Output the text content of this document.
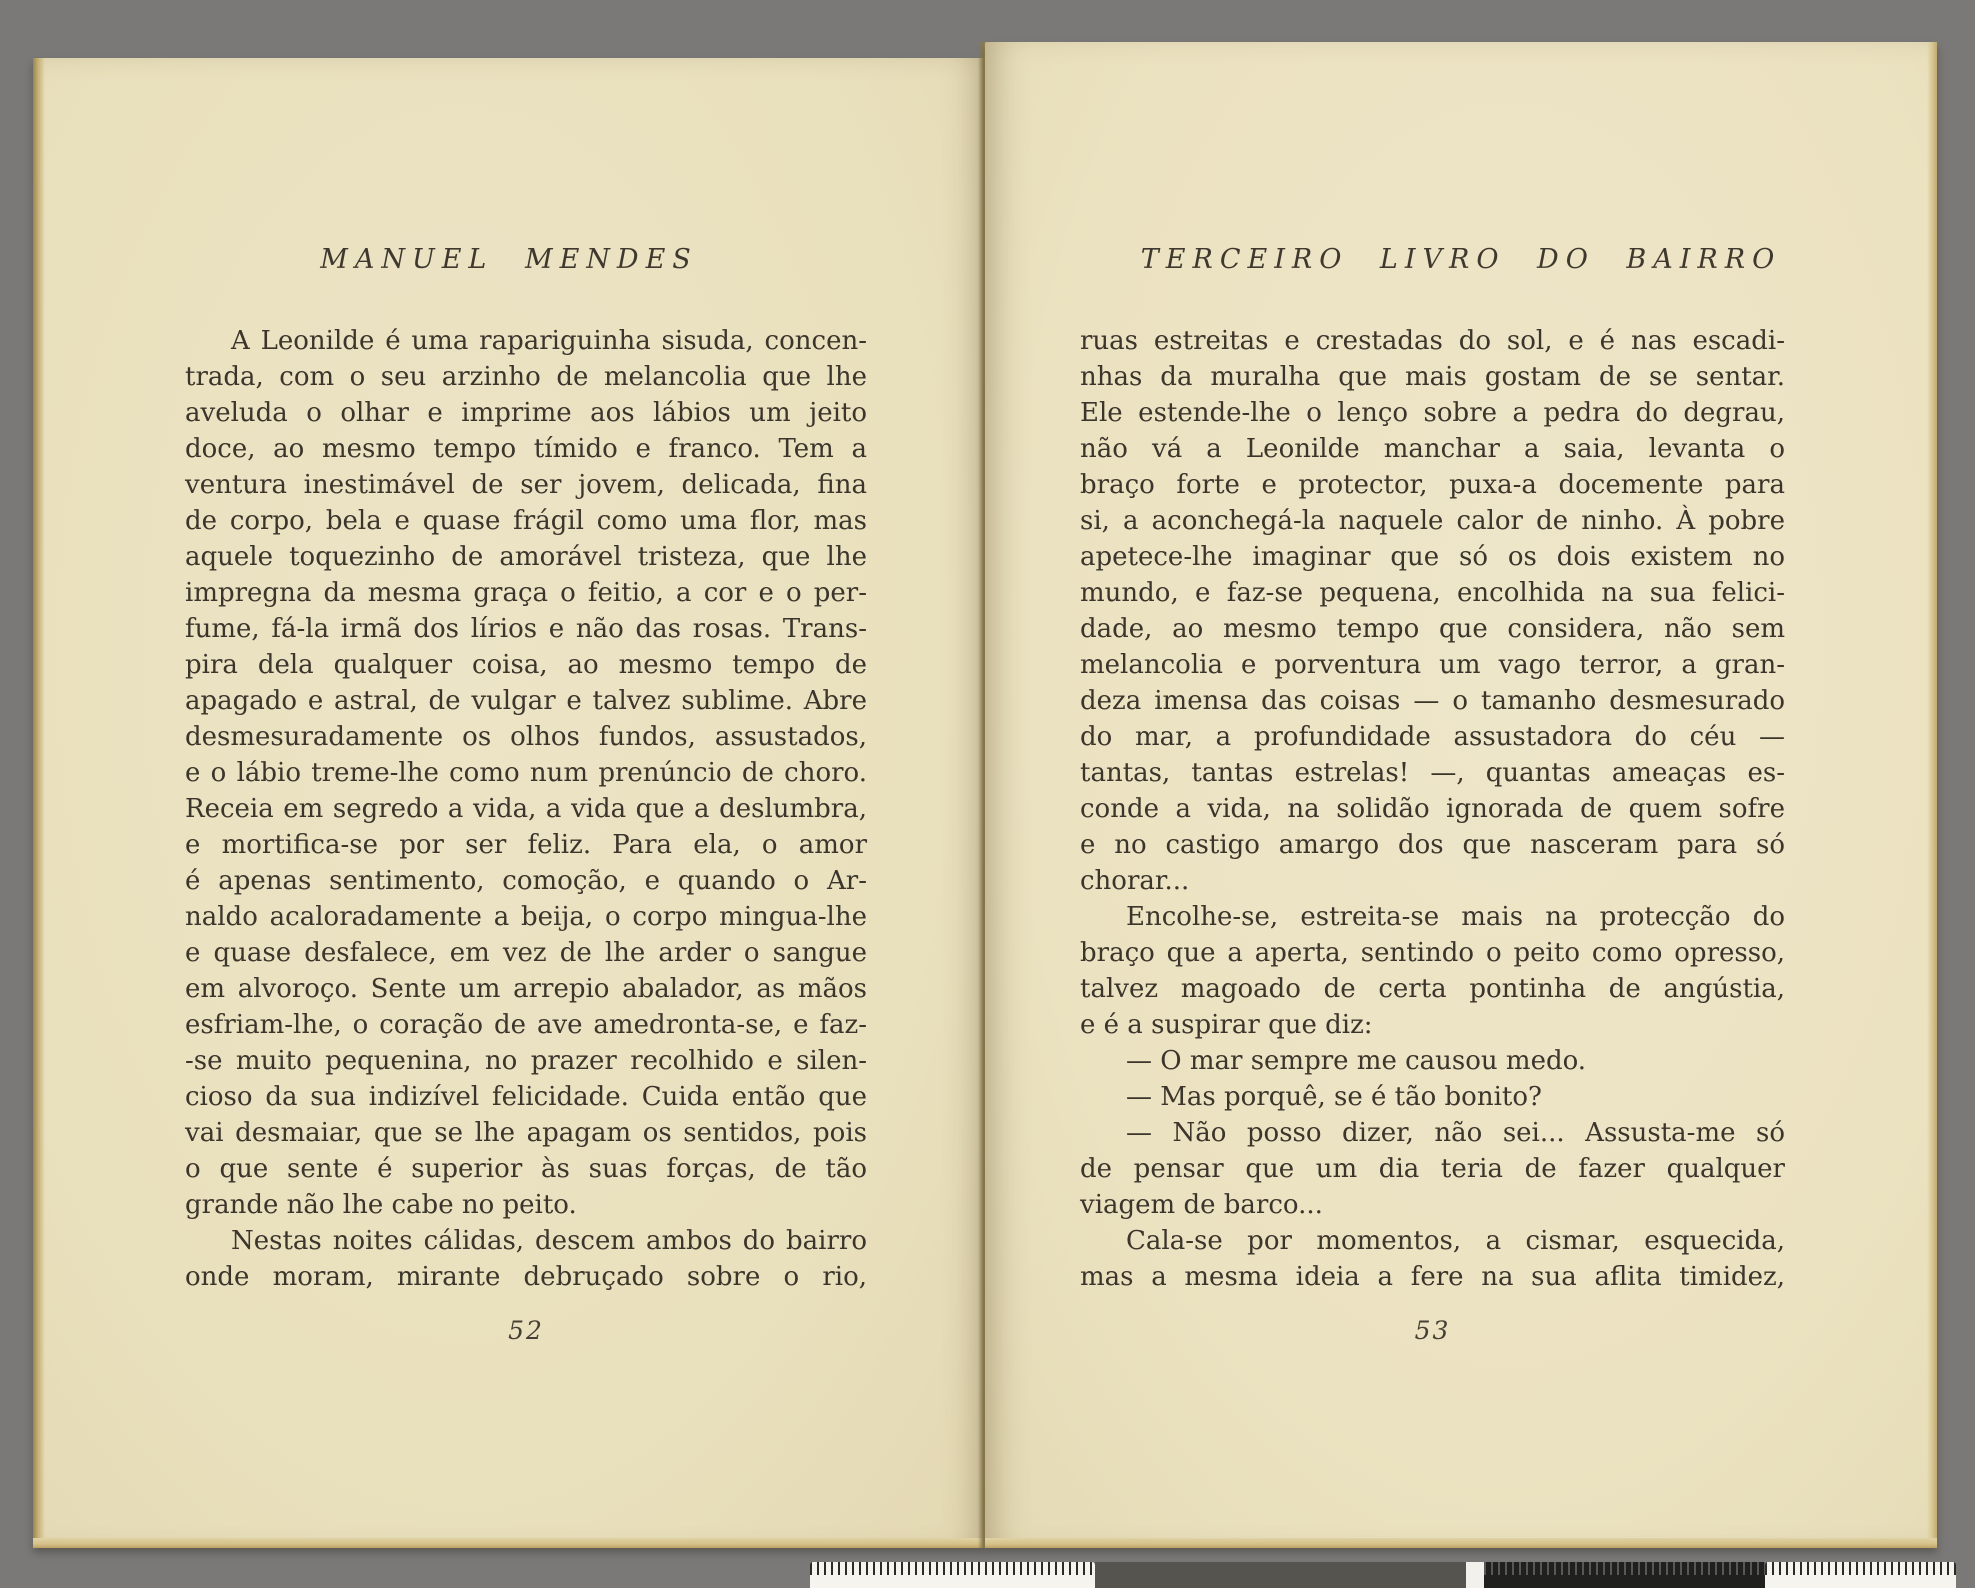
MANUEL MENDES
A Leonilde é uma rapariguinha sisuda, concen-
trada, com o seu arzinho de melancolia que lhe
aveluda o olhar e imprime aos lábios um jeito
doce, ao mesmo tempo tímido e franco. Tem a
ventura inestimável de ser jovem, delicada, fina
de corpo, bela e quase frágil como uma flor, mas
aquele toquezinho de amorável tristeza, que lhe
impregna da mesma graça o feitio, a cor e o per-
fume, fá-la irmã dos lírios e não das rosas. Trans-
pira dela qualquer coisa, ao mesmo tempo de
apagado e astral, de vulgar e talvez sublime. Abre
desmesuradamente os olhos fundos, assustados,
e o lábio treme-lhe como num prenúncio de choro.
Receia em segredo a vida, a vida que a deslumbra,
e mortifica-se por ser feliz. Para ela, o amor
é apenas sentimento, comoção, e quando o Ar-
naldo acaloradamente a beija, o corpo mingua-lhe
e quase desfalece, em vez de lhe arder o sangue
em alvoroço. Sente um arrepio abalador, as mãos
esfriam-lhe, o coração de ave amedronta-se, e faz-
-se muito pequenina, no prazer recolhido e silen-
cioso da sua indizível felicidade. Cuida então que
vai desmaiar, que se lhe apagam os sentidos, pois
o que sente é superior às suas forças, de tão
grande não lhe cabe no peito.
Nestas noites cálidas, descem ambos do bairro
onde moram, mirante debruçado sobre o rio,
52
TERCEIRO LIVRO DO BAIRRO
ruas estreitas e crestadas do sol, e é nas escadi-
nhas da muralha que mais gostam de se sentar.
Ele estende-lhe o lenço sobre a pedra do degrau,
não vá a Leonilde manchar a saia, levanta o
braço forte e protector, puxa-a docemente para
si, a aconchegá-la naquele calor de ninho. À pobre
apetece-lhe imaginar que só os dois existem no
mundo, e faz-se pequena, encolhida na sua felici-
dade, ao mesmo tempo que considera, não sem
melancolia e porventura um vago terror, a gran-
deza imensa das coisas — o tamanho desmesurado
do mar, a profundidade assustadora do céu —
tantas, tantas estrelas! —, quantas ameaças es-
conde a vida, na solidão ignorada de quem sofre
e no castigo amargo dos que nasceram para só
chorar...
Encolhe-se, estreita-se mais na protecção do
braço que a aperta, sentindo o peito como opresso,
talvez magoado de certa pontinha de angústia,
e é a suspirar que diz:
— O mar sempre me causou medo.
— Mas porquê, se é tão bonito?
— Não posso dizer, não sei... Assusta-me só
de pensar que um dia teria de fazer qualquer
viagem de barco...
Cala-se por momentos, a cismar, esquecida,
mas a mesma ideia a fere na sua aflita timidez,
53
